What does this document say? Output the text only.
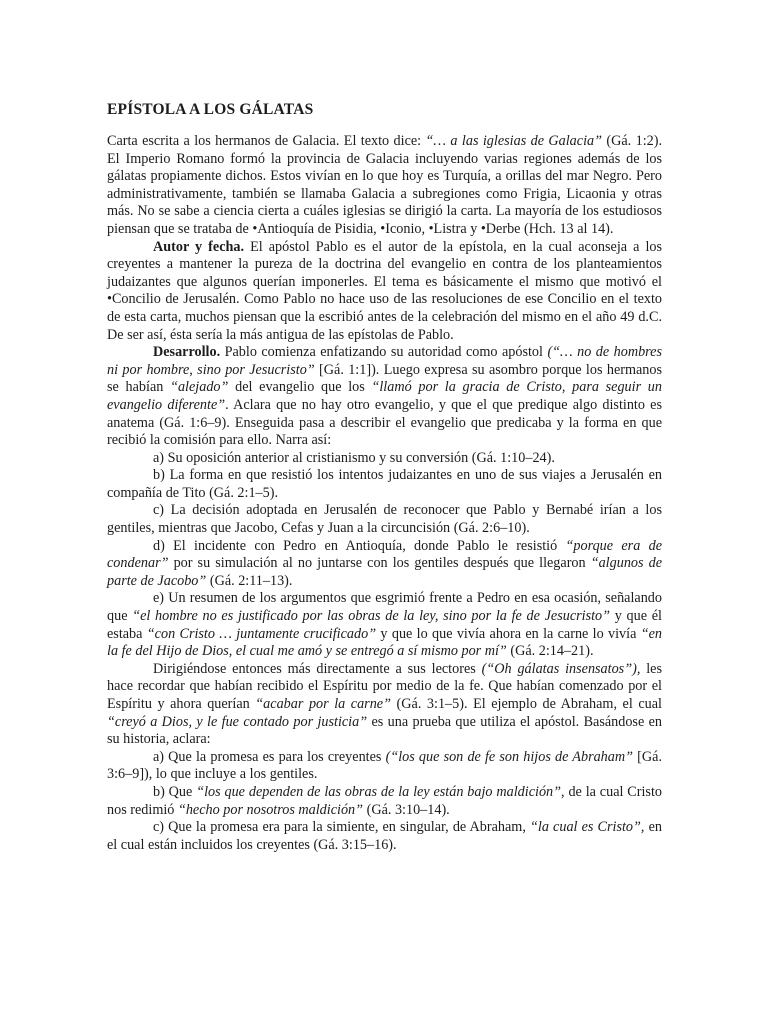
EPÍSTOLA A LOS GÁLATAS

Carta escrita a los hermanos de Galacia. El texto dice: “… a las iglesias de Galacia” (Gá. 1:2). El Imperio Romano formó la provincia de Galacia incluyendo varias regiones además de los gálatas propiamente dichos. Estos vivían en lo que hoy es Turquía, a orillas del mar Negro. Pero administrativamente, también se llamaba Galacia a subregiones como Frigia, Licaonia y otras más. No se sabe a ciencia cierta a cuáles iglesias se dirigió la carta. La mayoría de los estudiosos piensan que se trataba de •Antioquía de Pisidia, •Iconio, •Listra y •Derbe (Hch. 13 al 14).

Autor y fecha. El apóstol Pablo es el autor de la epístola, en la cual aconseja a los creyentes a mantener la pureza de la doctrina del evangelio en contra de los planteamientos judaizantes que algunos querían imponerles. El tema es básicamente el mismo que motivó el •Concilio de Jerusalén. Como Pablo no hace uso de las resoluciones de ese Concilio en el texto de esta carta, muchos piensan que la escribió antes de la celebración del mismo en el año 49 d.C. De ser así, ésta sería la más antigua de las epístolas de Pablo.

Desarrollo. Pablo comienza enfatizando su autoridad como apóstol (“… no de hombres ni por hombre, sino por Jesucristo” [Gá. 1:1]). Luego expresa su asombro porque los hermanos se habían “alejado” del evangelio que los “llamó por la gracia de Cristo, para seguir un evangelio diferente”. Aclara que no hay otro evangelio, y que el que predique algo distinto es anatema (Gá. 1:6–9). Enseguida pasa a describir el evangelio que predicaba y la forma en que recibió la comisión para ello. Narra así:

a) Su oposición anterior al cristianismo y su conversión (Gá. 1:10–24).

b) La forma en que resistió los intentos judaizantes en uno de sus viajes a Jerusalén en compañía de Tito (Gá. 2:1–5).

c) La decisión adoptada en Jerusalén de reconocer que Pablo y Bernabé irían a los gentiles, mientras que Jacobo, Cefas y Juan a la circuncisión (Gá. 2:6–10).

d) El incidente con Pedro en Antioquía, donde Pablo le resistió “porque era de condenar” por su simulación al no juntarse con los gentiles después que llegaron “algunos de parte de Jacobo” (Gá. 2:11–13).

e) Un resumen de los argumentos que esgrimió frente a Pedro en esa ocasión, señalando que “el hombre no es justificado por las obras de la ley, sino por la fe de Jesucristo” y que él estaba “con Cristo … juntamente crucificado” y que lo que vivía ahora en la carne lo vivía “en la fe del Hijo de Dios, el cual me amó y se entregó a sí mismo por mí” (Gá. 2:14–21).

Dirigiéndose entonces más directamente a sus lectores (“Oh gálatas insensatos”), les hace recordar que habían recibido el Espíritu por medio de la fe. Que habían comenzado por el Espíritu y ahora querían “acabar por la carne” (Gá. 3:1–5). El ejemplo de Abraham, el cual “creyó a Dios, y le fue contado por justicia” es una prueba que utiliza el apóstol. Basándose en su historia, aclara:

a) Que la promesa es para los creyentes (“los que son de fe son hijos de Abraham” [Gá. 3:6–9]), lo que incluye a los gentiles.

b) Que “los que dependen de las obras de la ley están bajo maldición”, de la cual Cristo nos redimió “hecho por nosotros maldición” (Gá. 3:10–14).

c) Que la promesa era para la simiente, en singular, de Abraham, “la cual es Cristo”, en el cual están incluidos los creyentes (Gá. 3:15–16).
